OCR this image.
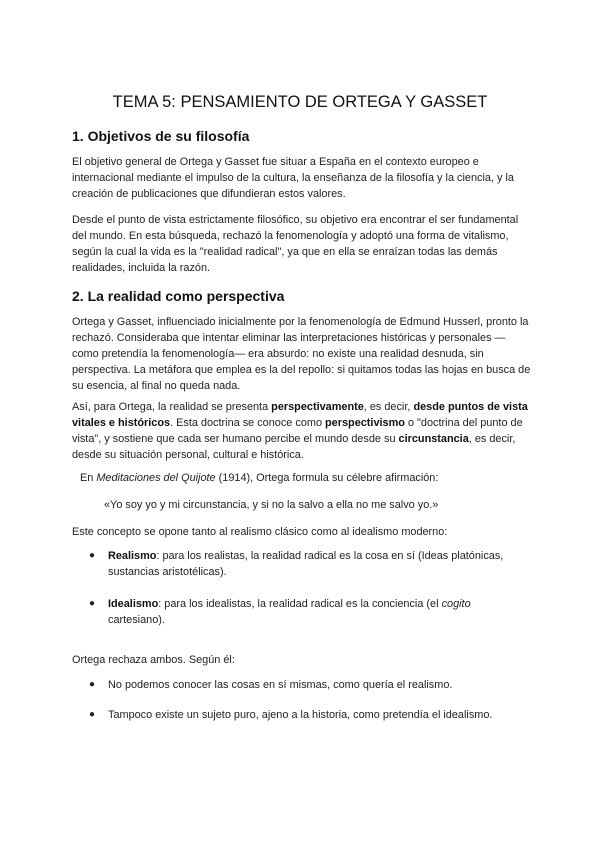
TEMA 5: PENSAMIENTO DE ORTEGA Y GASSET
1. Objetivos de su filosofía

El objetivo general de Ortega y Gasset fue situar a España en el contexto europeo e internacional mediante el impulso de la cultura, la enseñanza de la filosofía y la ciencia, y la creación de publicaciones que difundieran estos valores.

Desde el punto de vista estrictamente filosófico, su objetivo era encontrar el ser fundamental del mundo. En esta búsqueda, rechazó la fenomenología y adoptó una forma de vitalismo, según la cual la vida es la "realidad radical", ya que en ella se enraízan todas las demás realidades, incluida la razón.

2. La realidad como perspectiva

Ortega y Gasset, influenciado inicialmente por la fenomenología de Edmund Husserl, pronto la rechazó. Consideraba que intentar eliminar las interpretaciones históricas y personales —como pretendía la fenomenología— era absurdo: no existe una realidad desnuda, sin perspectiva. La metáfora que emplea es la del repollo: si quitamos todas las hojas en busca de su esencia, al final no queda nada.

Así, para Ortega, la realidad se presenta perspectivamente, es decir, desde puntos de vista vitales e históricos. Esta doctrina se conoce como perspectivismo o "doctrina del punto de vista", y sostiene que cada ser humano percibe el mundo desde su circunstancia, es decir, desde su situación personal, cultural e histórica.

En Meditaciones del Quijote (1914), Ortega formula su célebre afirmación:

«Yo soy yo y mi circunstancia, y si no la salvo a ella no me salvo yo.»

Este concepto se opone tanto al realismo clásico como al idealismo moderno:

● Realismo: para los realistas, la realidad radical es la cosa en sí (Ideas platónicas, sustancias aristotélicas).

● Idealismo: para los idealistas, la realidad radical es la conciencia (el cogito cartesiano).

Ortega rechaza ambos. Según él:

● No podemos conocer las cosas en sí mismas, como quería el realismo.

● Tampoco existe un sujeto puro, ajeno a la historia, como pretendía el idealismo.
